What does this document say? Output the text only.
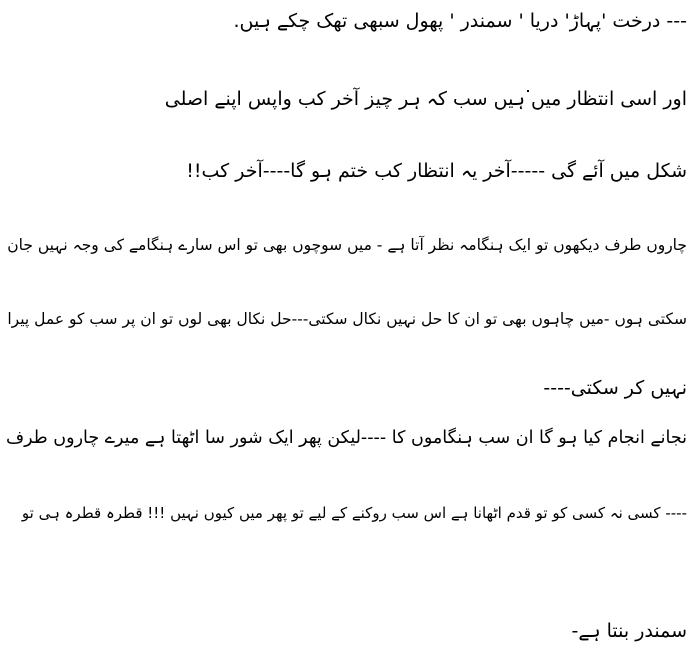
--- درخت 'پہاڑ' دریا ' سمندر ' پھول سبھی تھک چکے ہیں.
اور اسی انتظار میں ہیں سب کہ ہر چیز آخر کب واپس اپنے اصلی
شکل میں آئے گی -----آخر یہ انتظار کب ختم ہو گا----آخر کب!!
چاروں طرف دیکھوں تو ایک ہنگامہ نظر آتا ہے - میں سوچوں بھی تو اس سارے ہنگامے کی وجہ نہیں جان
سکتی ہوں -میں چاہوں بھی تو ان کا حل نہیں نکال سکتی---حل نکال بھی لوں تو ان پر سب کو عمل پیرا
نہیں کر سکتی----
نجانے انجام کیا ہو گا ان سب ہنگاموں کا ----لیکن پھر ایک شور سا اٹھتا ہے میرے چاروں طرف
---- کسی نہ کسی کو تو قدم اٹھانا ہے اس سب روکنے کے لیے تو پھر میں کیوں نہیں !!! قطرہ قطرہ ہی تو
سمندر بنتا ہے-
